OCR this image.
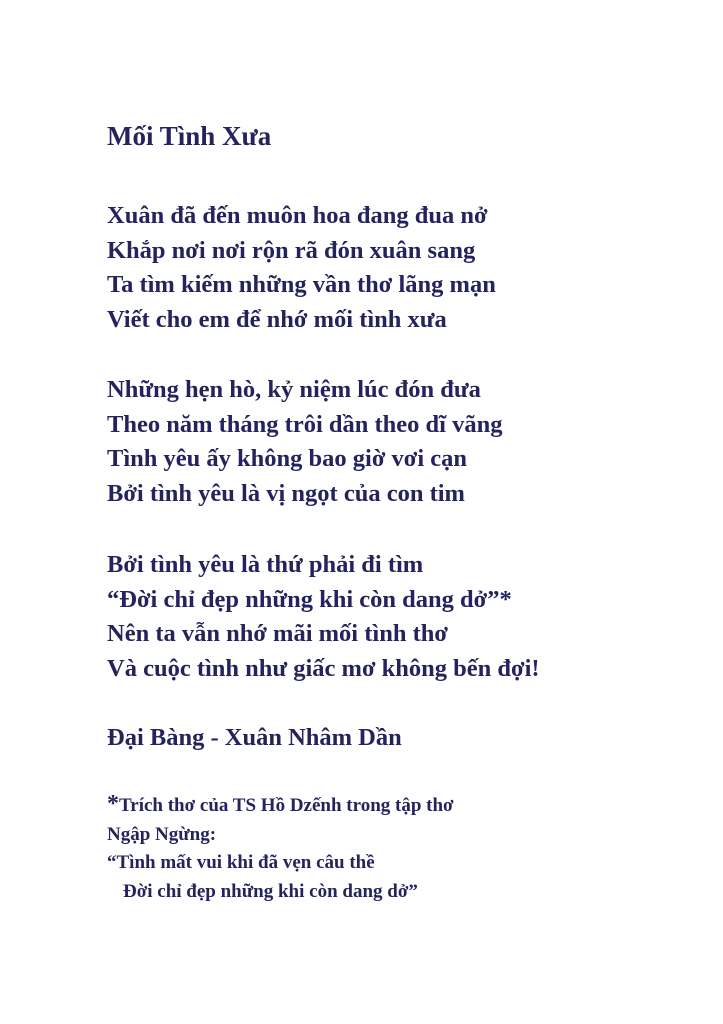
Mối Tình Xưa

Xuân đã đến muôn hoa đang đua nở
Khắp nơi nơi rộn rã đón xuân sang
Ta tìm kiếm những vần thơ lãng mạn
Viết cho em để nhớ mối tình xưa

Những hẹn hò, kỷ niệm lúc đón đưa
Theo năm tháng trôi dần theo dĩ vãng
Tình yêu ấy không bao giờ vơi cạn
Bởi tình yêu là vị ngọt của con tim

Bởi tình yêu là thứ phải đi tìm
“Đời chỉ đẹp những khi còn dang dở”*
Nên ta vẫn nhớ mãi mối tình thơ
Và cuộc tình như giấc mơ không bến đợi!

Đại Bàng - Xuân Nhâm Dần

*Trích thơ của TS Hồ Dzếnh trong tập thơ
Ngập Ngừng:
“Tình mất vui khi đã vẹn câu thề
Đời chỉ đẹp những khi còn dang dở”
